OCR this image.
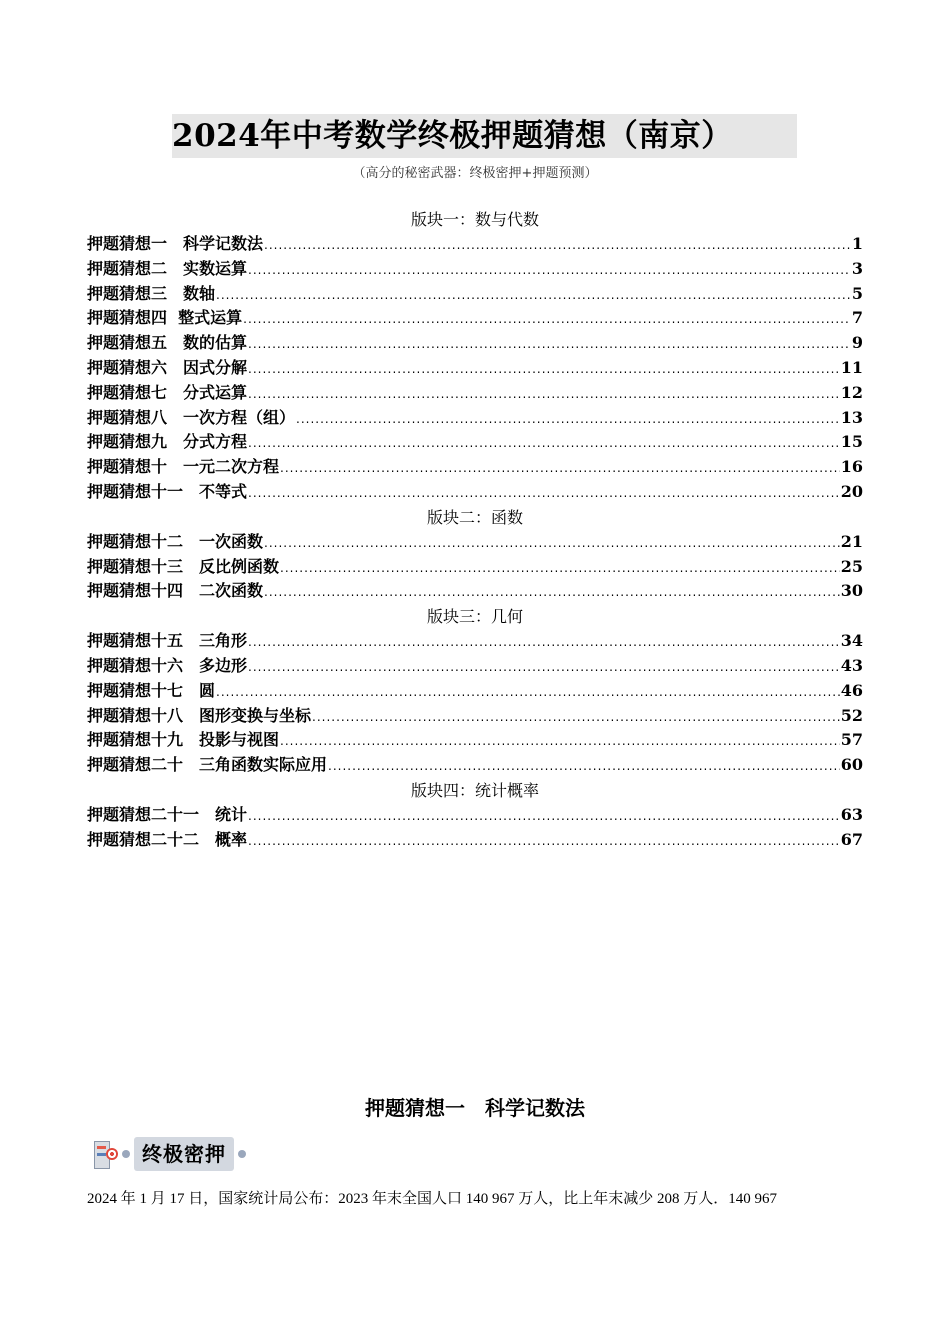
2024年中考数学终极押题猜想（南京）
（高分的秘密武器：终极密押+押题预测）
版块一：数与代数
押题猜想一　科学记数法 .....	1
押题猜想二　实数运算 .....	3
押题猜想三　数轴 .....	5
押题猜想四  整式运算 .....	7
押题猜想五　数的估算 .....	9
押题猜想六　因式分解 .....	11
押题猜想七　分式运算 .....	12
押题猜想八　一次方程（组） .....	13
押题猜想九　分式方程 .....	15
押题猜想十　一元二次方程 .....	16
押题猜想十一　不等式 .....	20
版块二：函数
押题猜想十二　一次函数 .....	21
押题猜想十三　反比例函数 .....	25
押题猜想十四　二次函数 .....	30
版块三：几何
押题猜想十五　三角形 .....	34
押题猜想十六　多边形 .....	43
押题猜想十七　圆 .....	46
押题猜想十八　图形变换与坐标 .....	52
押题猜想十九　投影与视图 .....	57
押题猜想二十　三角函数实际应用 .....	60
版块四：统计概率
押题猜想二十一　统计 .....	63
押题猜想二十二　概率 .....	67
押题猜想一　科学记数法
终极密押
2024 年 1 月 17 日，国家统计局公布：2023 年末全国人口 140 967 万人，比上年末减少 208 万人．140 967
